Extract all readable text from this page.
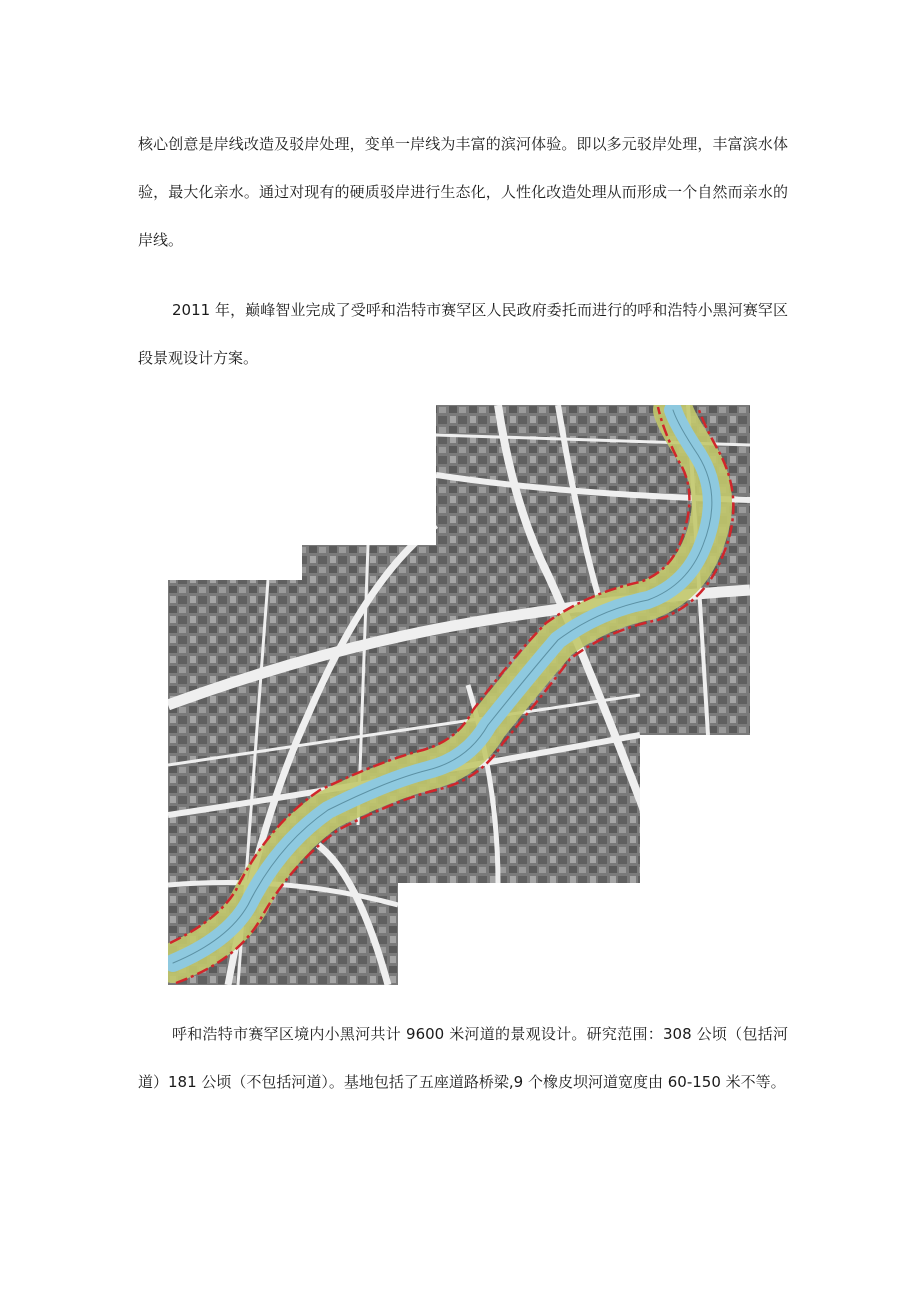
核心创意是岸线改造及驳岸处理，变单一岸线为丰富的滨河体验。即以多元驳岸处理，丰富滨水体验，最大化亲水。通过对现有的硬质驳岸进行生态化，人性化改造处理从而形成一个自然而亲水的岸线。

2011 年，巅峰智业完成了受呼和浩特市赛罕区人民政府委托而进行的呼和浩特小黑河赛罕区段景观设计方案。

呼和浩特市赛罕区境内小黑河共计 9600 米河道的景观设计。研究范围：308 公顷（包括河道）181 公顷（不包括河道）。基地包括了五座道路桥梁,9 个橡皮坝河道宽度由 60-150 米不等。
